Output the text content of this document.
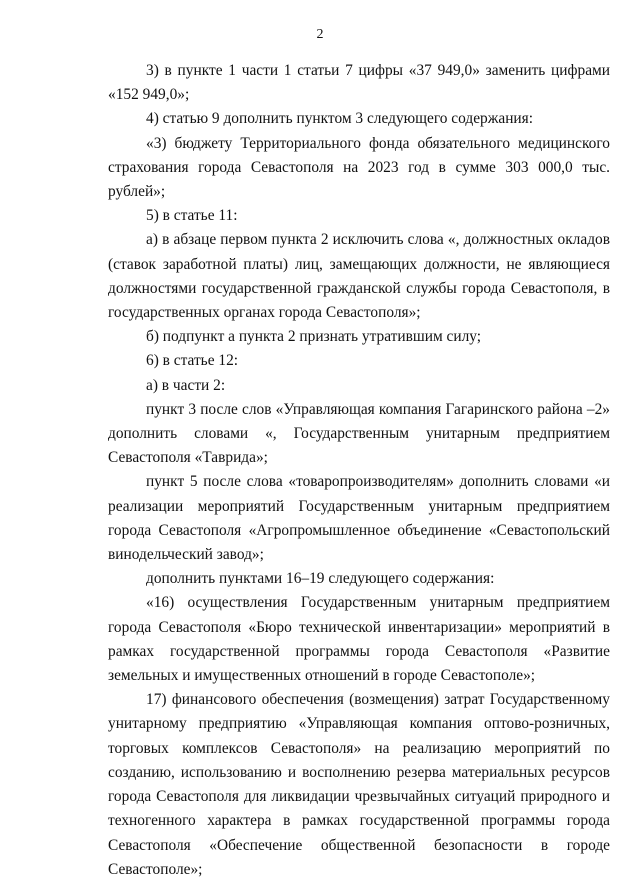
2

3) в пункте 1 части 1 статьи 7 цифры «37 949,0» заменить цифрами «152 949,0»;

4) статью 9 дополнить пунктом 3 следующего содержания:

«3) бюджету Территориального фонда обязательного медицинского страхования города Севастополя на 2023 год в сумме 303 000,0 тыс. рублей»;

5) в статье 11:

а) в абзаце первом пункта 2 исключить слова «, должностных окладов (ставок заработной платы) лиц, замещающих должности, не являющиеся должностями государственной гражданской службы города Севастополя, в государственных органах города Севастополя»;

б) подпункт а пункта 2 признать утратившим силу;

6) в статье 12:

а) в части 2:

пункт 3 после слов «Управляющая компания Гагаринского района –2» дополнить словами «, Государственным унитарным предприятием Севастополя «Таврида»;

пункт 5 после слова «товаропроизводителям» дополнить словами «и реализации мероприятий Государственным унитарным предприятием города Севастополя «Агропромышленное объединение «Севастопольский винодельческий завод»;

дополнить пунктами 16–19 следующего содержания:

«16) осуществления Государственным унитарным предприятием города Севастополя «Бюро технической инвентаризации» мероприятий в рамках государственной программы города Севастополя «Развитие земельных и имущественных отношений в городе Севастополе»;

17) финансового обеспечения (возмещения) затрат Государственному унитарному предприятию «Управляющая компания оптово-розничных, торговых комплексов Севастополя» на реализацию мероприятий по созданию, использованию и восполнению резерва материальных ресурсов города Севастополя для ликвидации чрезвычайных ситуаций природного и техногенного характера в рамках государственной программы города Севастополя «Обеспечение общественной безопасности в городе Севастополе»;
